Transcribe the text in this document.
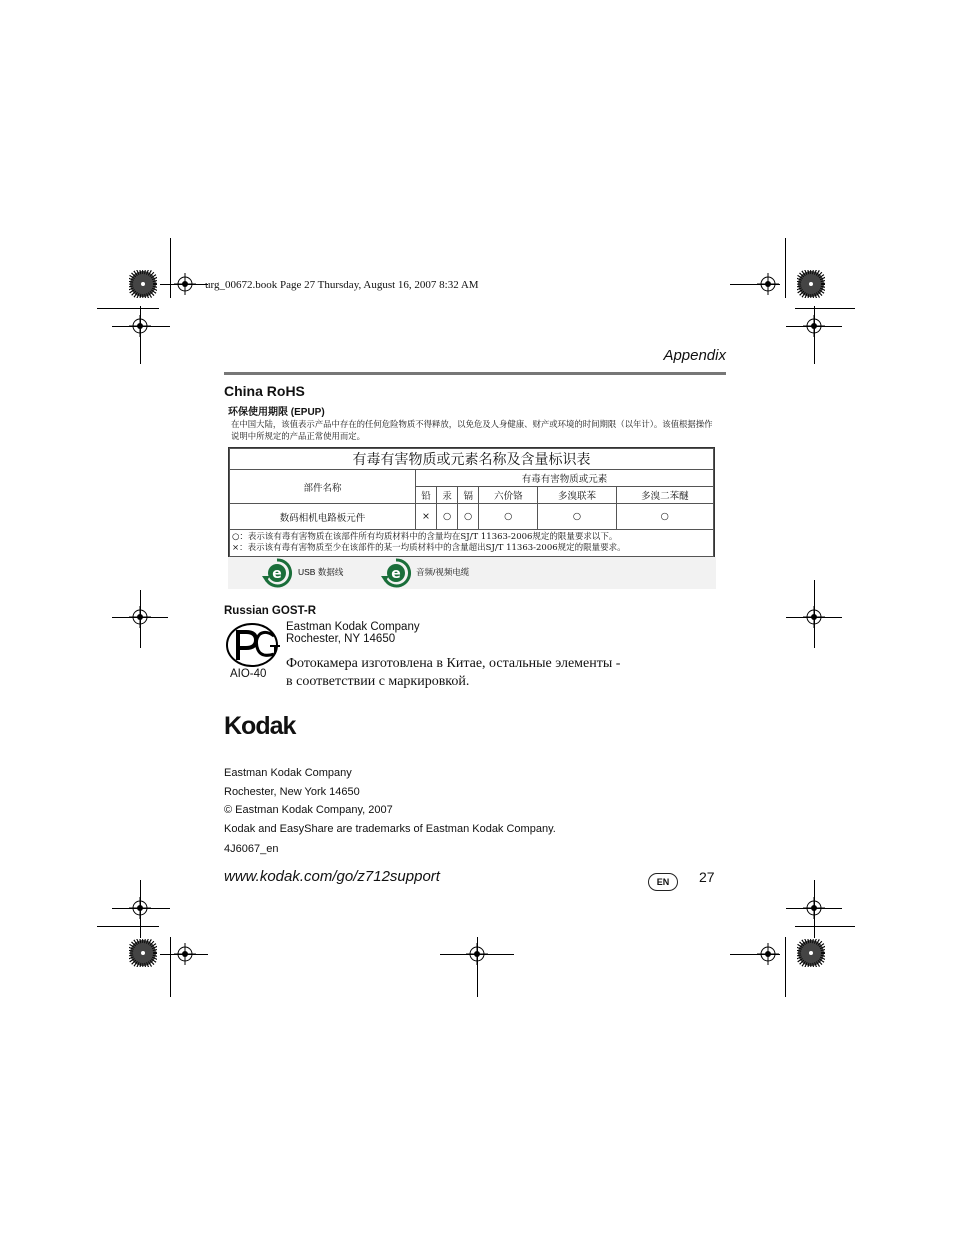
urg_00672.book Page 27 Thursday, August 16, 2007 8:32 AM
Appendix
China RoHS
环保使用期限 (EPUP)
在中国大陆，该值表示产品中存在的任何危险物质不得释放，以免危及人身健康、财产或环境的时间期限（以年计）。该值根据操作说明中所规定的产品正常使用而定。
有毒有害物质或元素名称及含量标识表						
部件名称	有毒有害物质或元素					
	铅	汞	镉	六价铬	多溴联苯	多溴二苯醚
数码相机电路板元件	×	○	○	○	○	○

○：表示该有毒有害物质在该部件所有均质材料中的含量均在SJ/T 11363-2006规定的限量要求以下。
×：表示该有毒有害物质至少在该部件的某一均质材料中的含量超出SJ/T 11363-2006规定的限量要求。						
e USB 数据线	e 音频/视频电缆
Russian GOST-R
Eastman Kodak Company
Rochester, NY 14650
AIO-40
Фотокамера изготовлена в Китае, остальные элементы -
в соответствии с маркировкой.
Kodak
Eastman Kodak Company
Rochester, New York 14650
© Eastman Kodak Company, 2007
Kodak and EasyShare are trademarks of Eastman Kodak Company.
4J6067_en
www.kodak.com/go/z712support	EN	27
